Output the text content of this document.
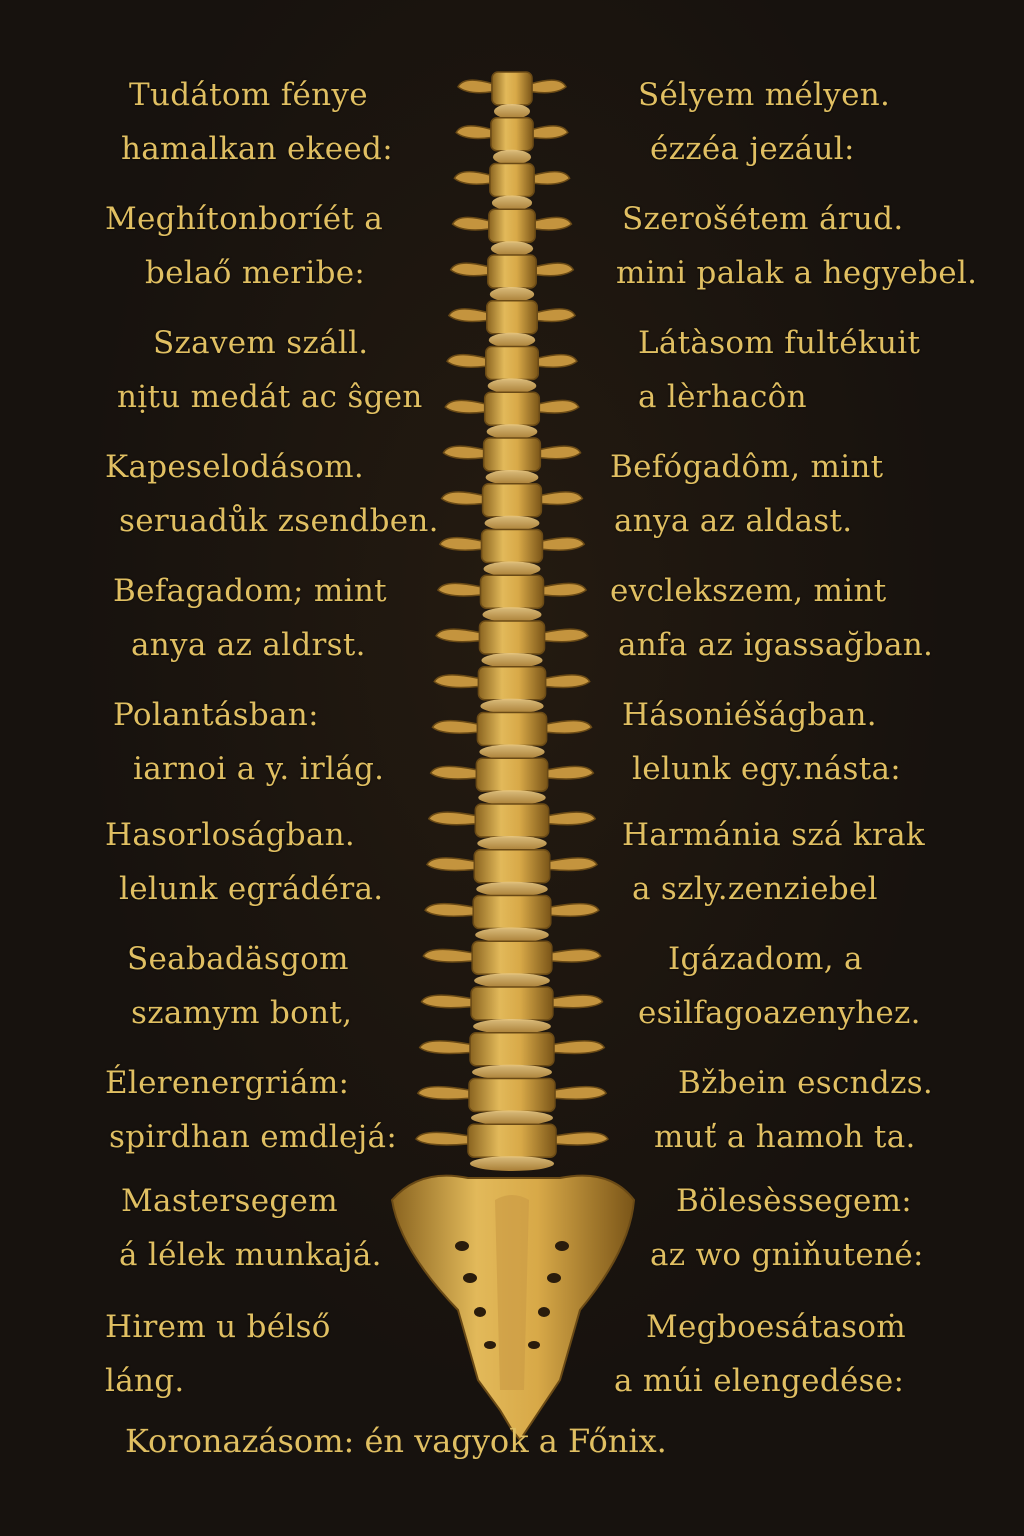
Tudátom fénye
hamalkan ekeed:
Meghítonboríét a
belaő meribe:
Szavem száll.
nịtu medát ac ŝgen
Kapeselodásom.
seruadůk zsendben.
Befagadom; mint
anya az aldrst.
Polantásban:
iarnoi a y. irlág.
Hasorloságban.
lelunk egrádéra.
Seabadäsgom
szamym bont,
Élerenergriám:
spirdhan emdlejá:
Mastersegem
á lélek munkajá.
Hirem u bélső
láng.
Sélyem mélyen.
ézzéa jezául:
Szerošétem árud.
mini palak a hegyebel.
Látàsom fultékuit
a lèrhacôn
Befógadôm, mint
anya az aldast.
evclekszem, mint
anfa az igassağban.
Hásoniéšágban.
lelunk egy.násta:
Harmánia szá krak
a szly.zenziebel
Igázadom, a
esilfagoazenyhez.
Bžbein escndzs.
muť a hamoh ta.
Bölesèssegem:
az wo gniňutené:
Megboesátasoṁ
a múi elengedése:
Koronazásom: én vagyok a Főnix.
